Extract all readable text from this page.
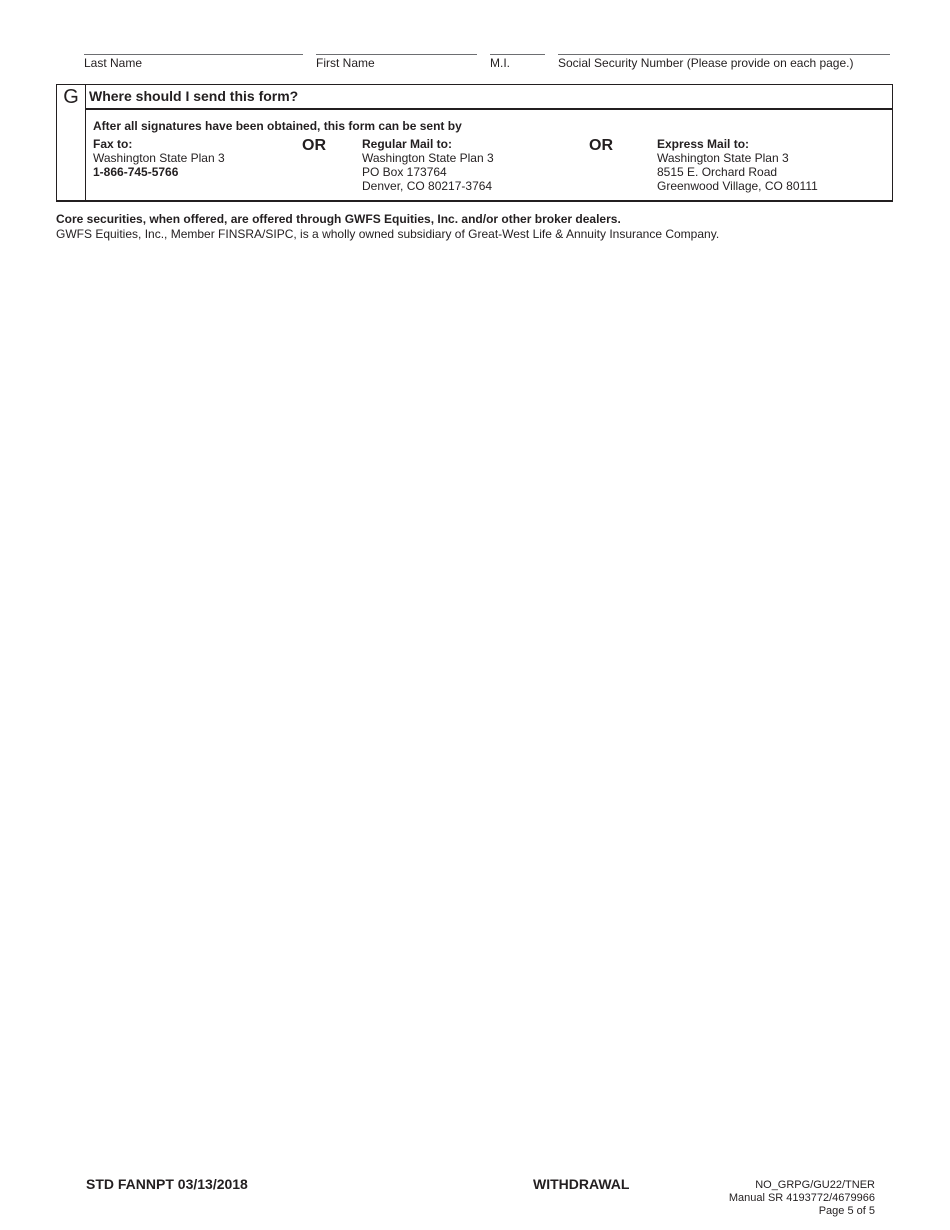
Last Name	First Name	M.I.	Social Security Number (Please provide on each page.)
G Where should I send this form?
After all signatures have been obtained, this form can be sent by
Fax to:
Washington State Plan 3
1-866-745-5766
OR	Regular Mail to:
Washington State Plan 3
PO Box 173764
Denver, CO 80217-3764
OR	Express Mail to:
Washington State Plan 3
8515 E. Orchard Road
Greenwood Village, CO 80111
Core securities, when offered, are offered through GWFS Equities, Inc. and/or other broker dealers.
GWFS Equities, Inc., Member FINSRA/SIPC, is a wholly owned subsidiary of Great-West Life & Annuity Insurance Company.
STD FANNPT 03/13/2018	WITHDRAWAL	NO_GRPG/GU22/TNER
Manual SR 4193772/4679966
Page 5 of 5
